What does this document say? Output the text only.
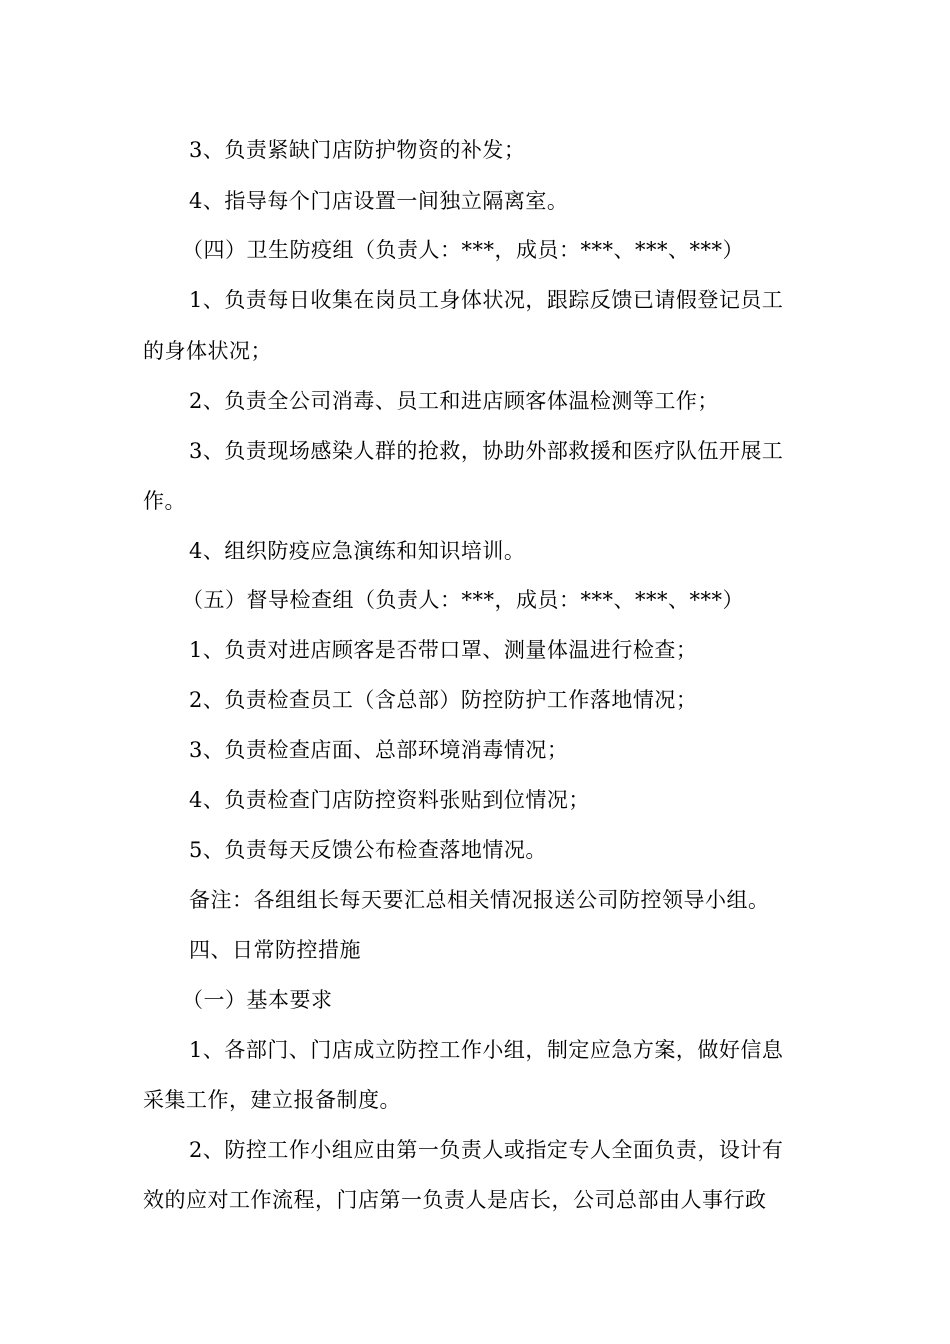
3、负责紧缺门店防护物资的补发；
4、指导每个门店设置一间独立隔离室。
（四）卫生防疫组（负责人：***，成员：***、***、***）
1、负责每日收集在岗员工身体状况，跟踪反馈已请假登记员工
的身体状况；
2、负责全公司消毒、员工和进店顾客体温检测等工作；
3、负责现场感染人群的抢救，协助外部救援和医疗队伍开展工
作。
4、组织防疫应急演练和知识培训。
（五）督导检查组（负责人：***，成员：***、***、***）
1、负责对进店顾客是否带口罩、测量体温进行检查；
2、负责检查员工（含总部）防控防护工作落地情况；
3、负责检查店面、总部环境消毒情况；
4、负责检查门店防控资料张贴到位情况；
5、负责每天反馈公布检查落地情况。
备注：各组组长每天要汇总相关情况报送公司防控领导小组。
四、日常防控措施
（一）基本要求
1、各部门、门店成立防控工作小组，制定应急方案，做好信息
采集工作，建立报备制度。
2、防控工作小组应由第一负责人或指定专人全面负责，设计有
效的应对工作流程，门店第一负责人是店长，公司总部由人事行政
